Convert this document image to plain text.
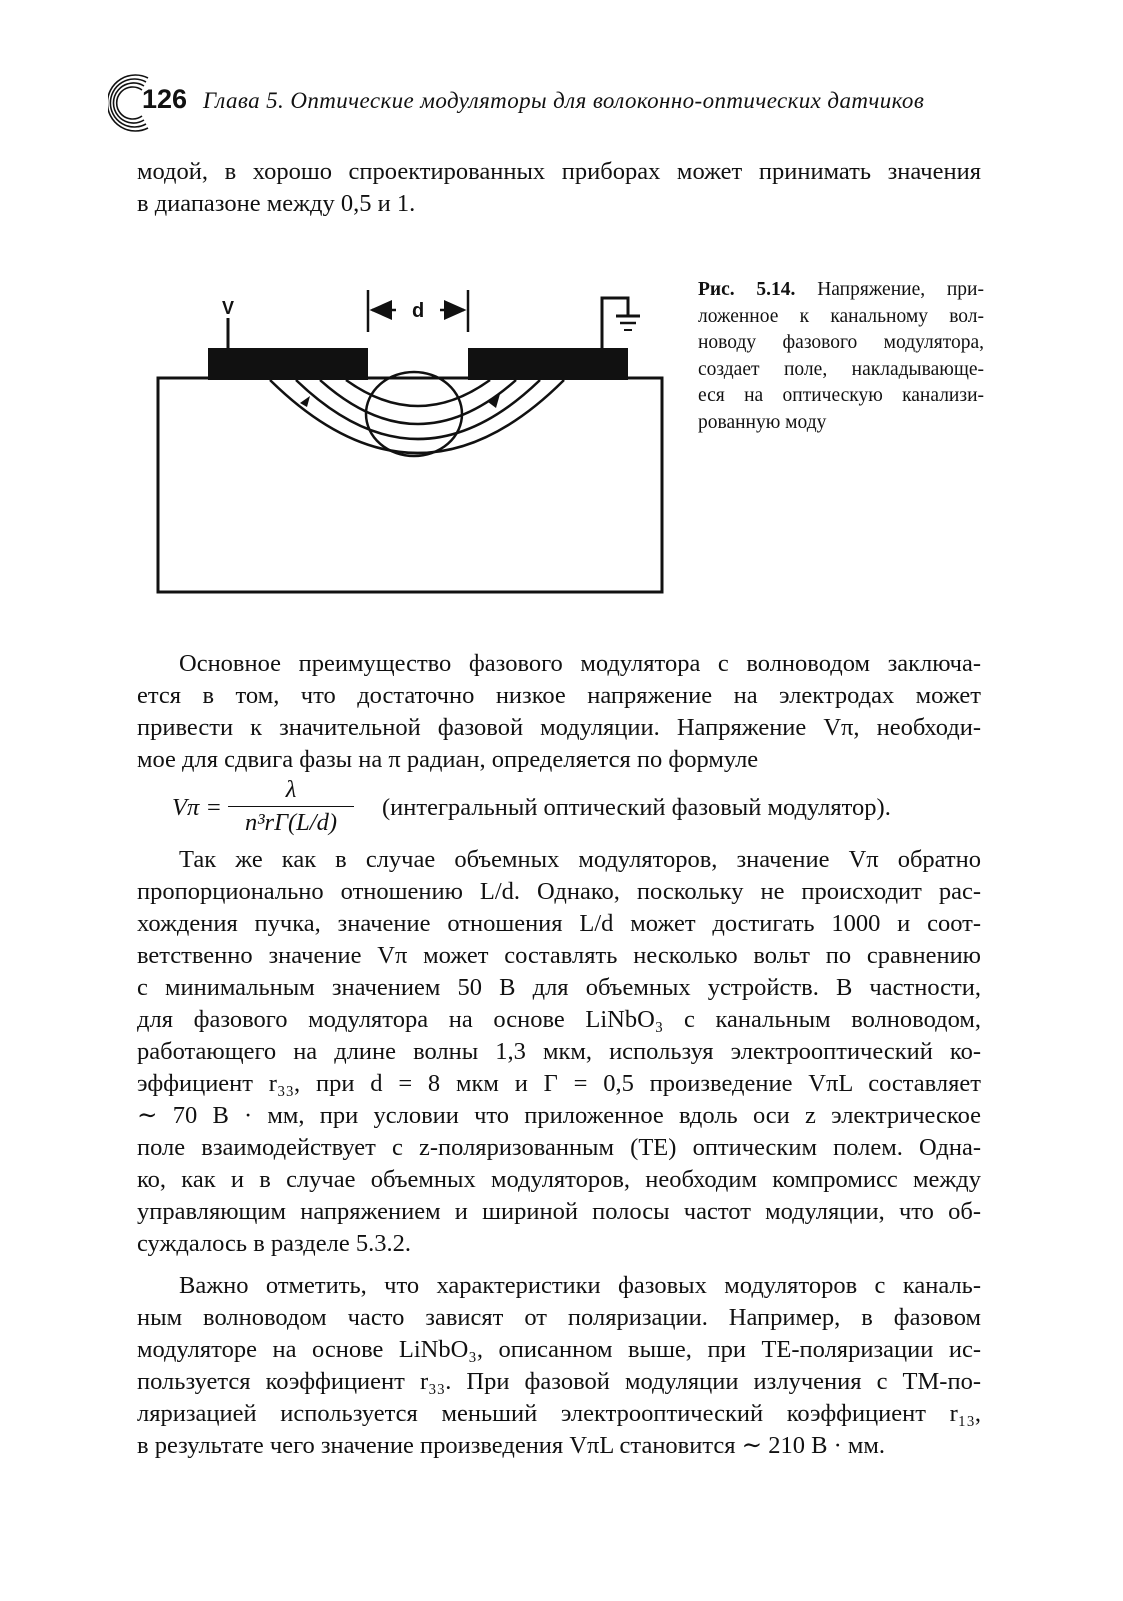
126 Глава 5. Оптические модуляторы для волоконно-оптических датчиков
модой, в хорошо спроектированных приборах может принимать значения
в диапазоне между 0,5 и 1.
V	d
Рис. 5.14. Напряжение, при-
ложенное к канальному вол-
новоду фазового модулятора,
создает поле, накладывающе-
еся на оптическую канализи-
рованную моду
Основное преимущество фазового модулятора с волноводом заключа-
ется в том, что достаточно низкое напряжение на электродах может
привести к значительной фазовой модуляции. Напряжение Vπ, необходи-
мое для сдвига фазы на π радиан, определяется по формуле
Vπ =
λ
n³rΓ(L/d)
(интегральный оптический фазовый модулятор).
Так же как в случае объемных модуляторов, значение Vπ обратно
пропорционально отношению L/d. Однако, поскольку не происходит рас-
хождения пучка, значение отношения L/d может достигать 1000 и соот-
ветственно значение Vπ может составлять несколько вольт по сравнению
с минимальным значением 50 В для объемных устройств. В частности,
для фазового модулятора на основе LiNbO₃ с канальным волноводом,
работающего на длине волны 1,3 мкм, используя электрооптический ко-
эффициент r₃₃, при d = 8 мкм и Γ = 0,5 произведение VπL составляет
∼ 70 В · мм, при условии что приложенное вдоль оси z электрическое
поле взаимодействует с z-поляризованным (TE) оптическим полем. Одна-
ко, как и в случае объемных модуляторов, необходим компромисс между
управляющим напряжением и шириной полосы частот модуляции, что об-
суждалось в разделе 5.3.2.
Важно отметить, что характеристики фазовых модуляторов с каналь-
ным волноводом часто зависят от поляризации. Например, в фазовом
модуляторе на основе LiNbO₃, описанном выше, при TE-поляризации ис-
пользуется коэффициент r₃₃. При фазовой модуляции излучения с TM-по-
ляризацией используется меньший электрооптический коэффициент r₁₃,
в результате чего значение произведения VπL становится ∼ 210 В · мм.
